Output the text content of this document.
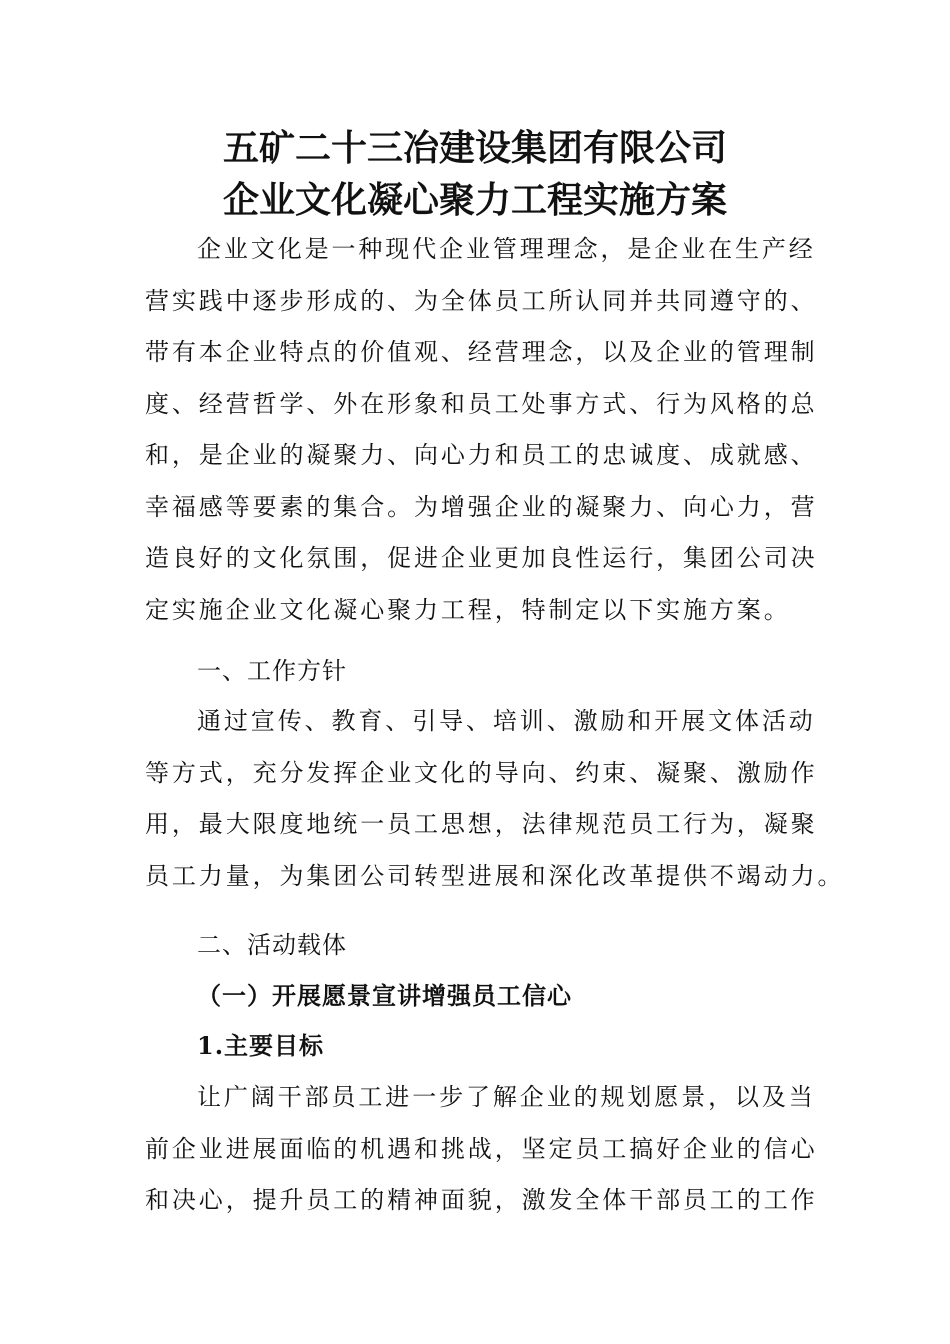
五矿二十三冶建设集团有限公司
企业文化凝心聚力工程实施方案
企业文化是一种现代企业管理理念，是企业在生产经
营实践中逐步形成的、为全体员工所认同并共同遵守的、
带有本企业特点的价值观、经营理念，以及企业的管理制
度、经营哲学、外在形象和员工处事方式、行为风格的总
和，是企业的凝聚力、向心力和员工的忠诚度、成就感、
幸福感等要素的集合。为增强企业的凝聚力、向心力，营
造良好的文化氛围，促进企业更加良性运行，集团公司决
定实施企业文化凝心聚力工程，特制定以下实施方案。
一、工作方针
通过宣传、教育、引导、培训、激励和开展文体活动
等方式，充分发挥企业文化的导向、约束、凝聚、激励作
用，最大限度地统一员工思想，法律规范员工行为，凝聚
员工力量，为集团公司转型进展和深化改革提供不竭动力。
二、活动载体
（一）开展愿景宣讲增强员工信心
1.主要目标
让广阔干部员工进一步了解企业的规划愿景，以及当
前企业进展面临的机遇和挑战，坚定员工搞好企业的信心
和决心，提升员工的精神面貌，激发全体干部员工的工作
